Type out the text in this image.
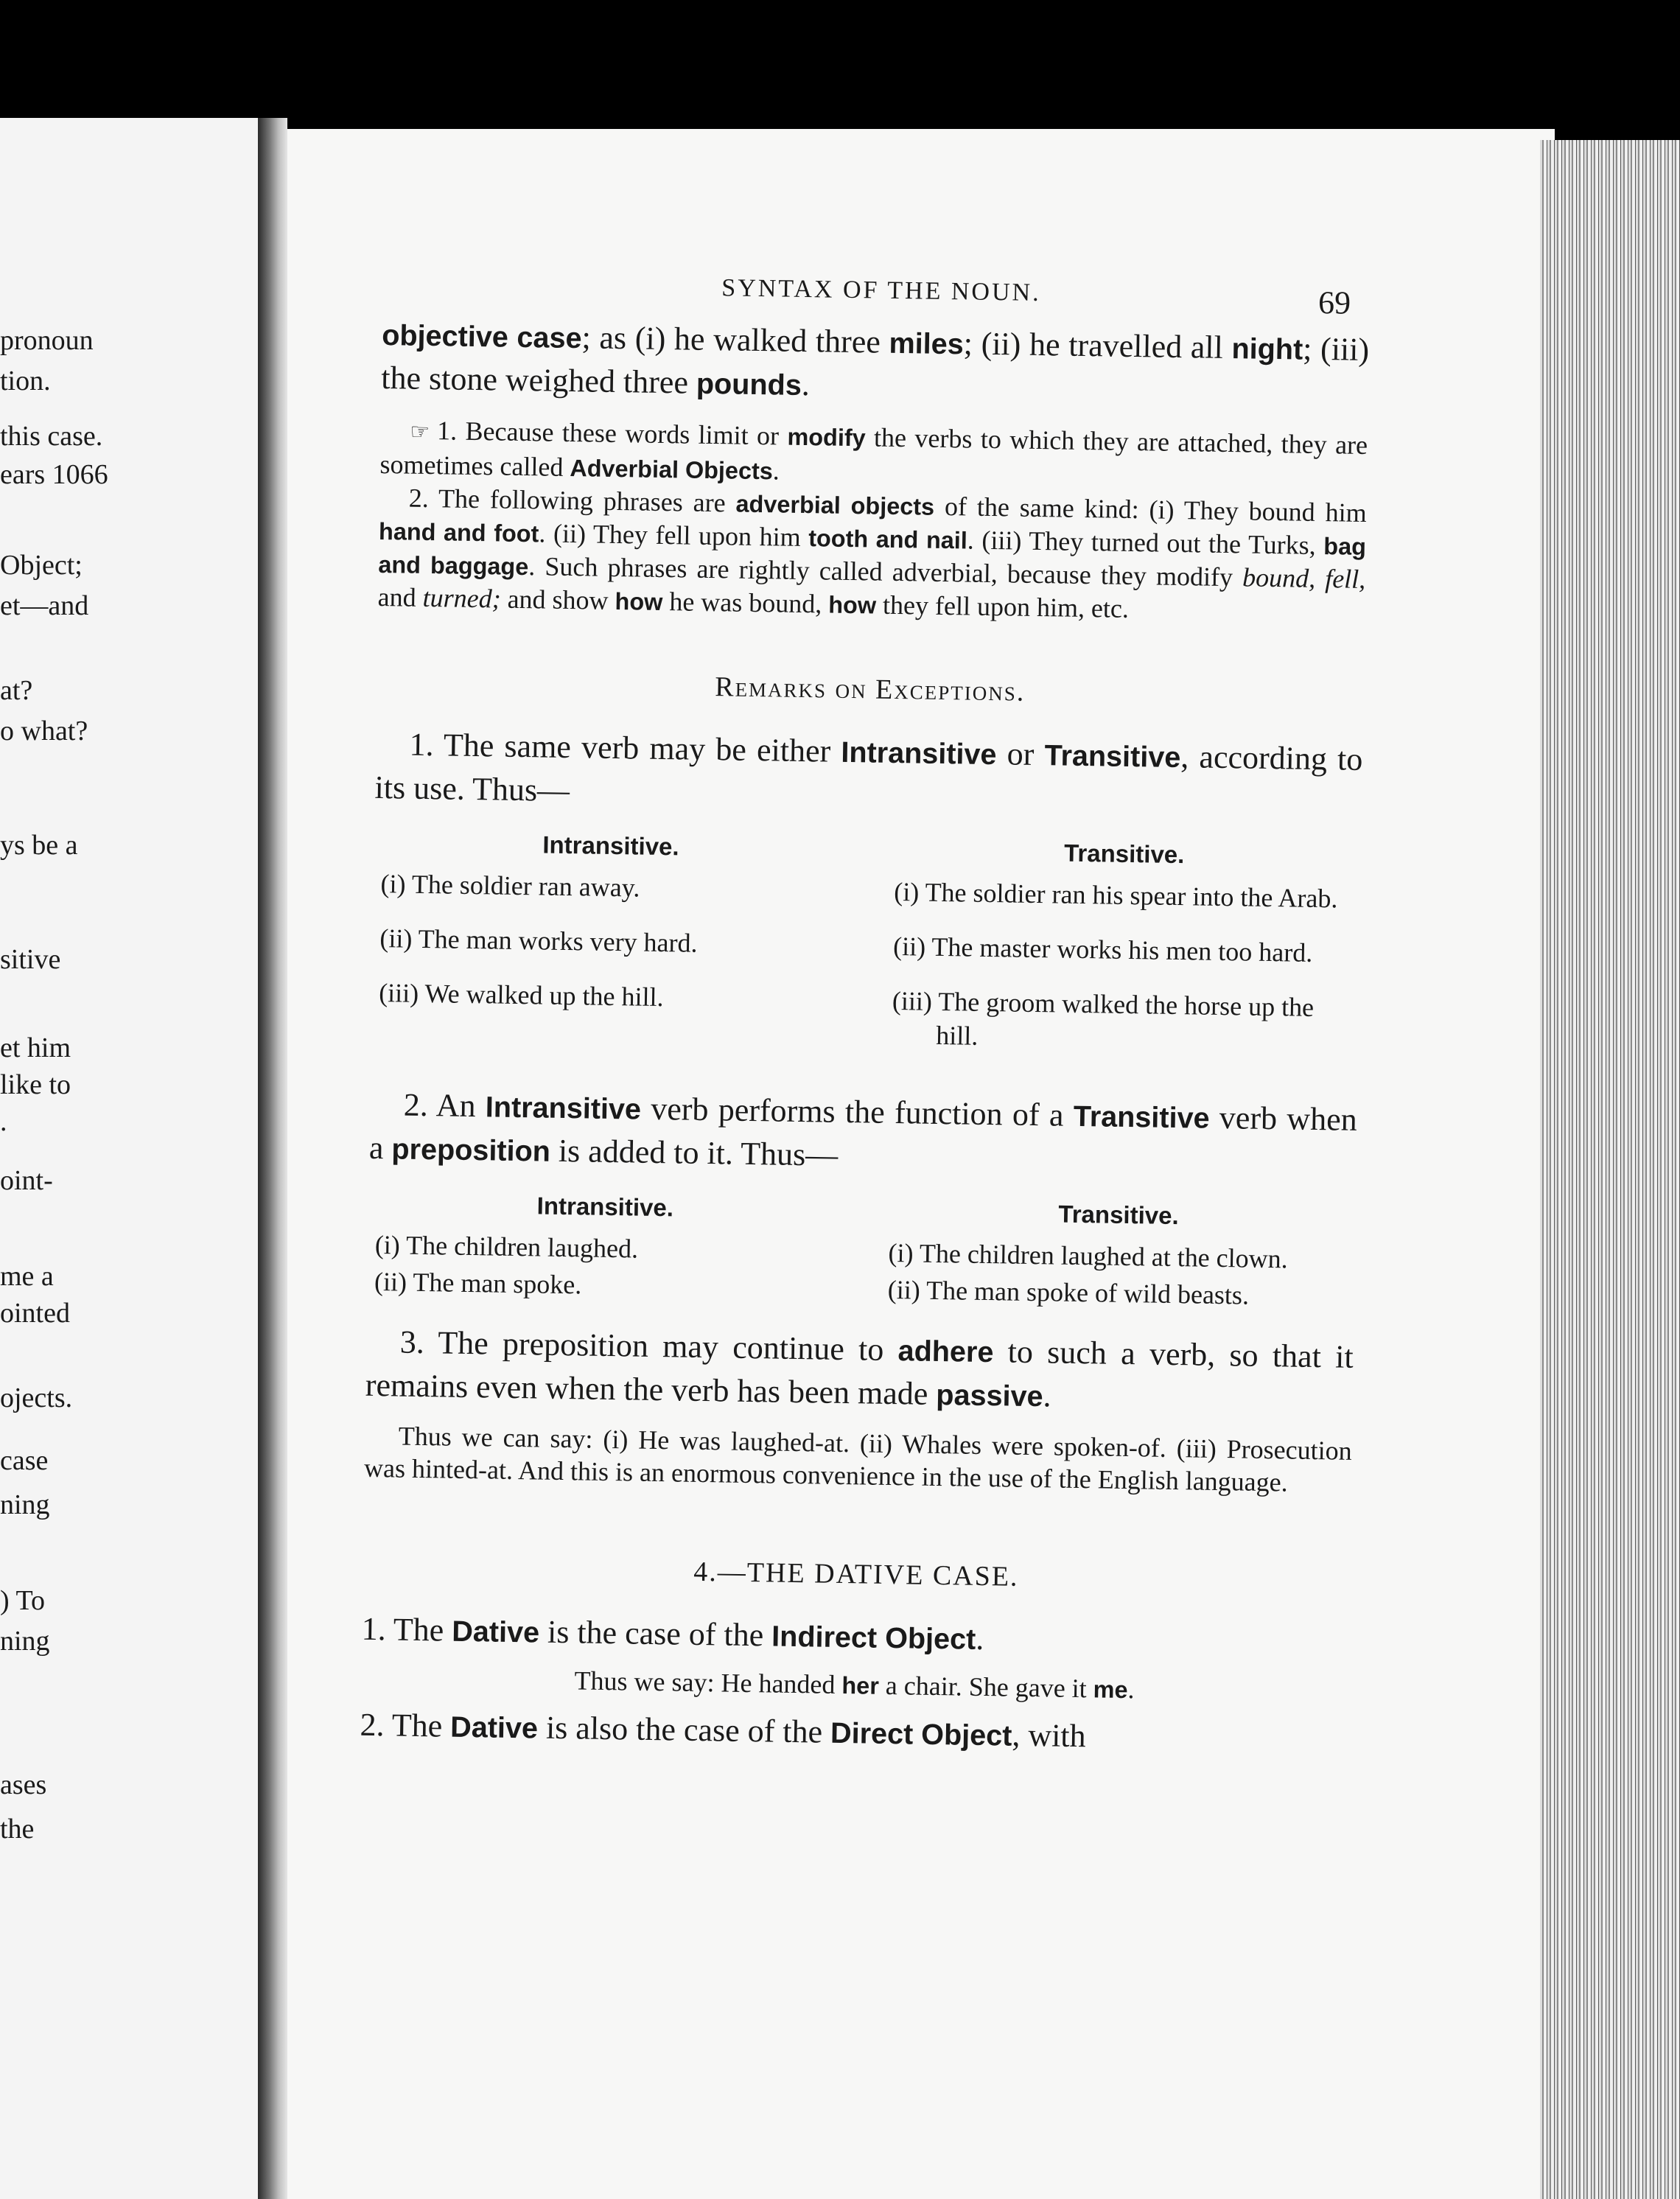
pronoun
tion.
this case.
ears 1066
Object;
et—and
at?
o what?
ys be a
sitive
et him
like to
.
oint-
me a
ointed
ojects.
case
ning
) To
ning
ases
the
SYNTAX OF THE NOUN.	69

objective case; as (i) he walked three miles; (ii) he travelled all night; (iii) the stone weighed three pounds.

☞ 1. Because these words limit or modify the verbs to which they are attached, they are sometimes called Adverbial Objects.

2. The following phrases are adverbial objects of the same kind: (i) They bound him hand and foot. (ii) They fell upon him tooth and nail. (iii) They turned out the Turks, bag and baggage. Such phrases are rightly called adverbial, because they modify bound, fell, and turned; and show how he was bound, how they fell upon him, etc.

Remarks on Exceptions.

1. The same verb may be either Intransitive or Transitive, according to its use. Thus—

Intransitive.
(i) The soldier ran away.
(ii) The man works very hard.
(iii) We walked up the hill.
Transitive.
(i) The soldier ran his spear into the Arab.
(ii) The master works his men too hard.
(iii) The groom walked the horse up the hill.

2. An Intransitive verb performs the function of a Transitive verb when a preposition is added to it. Thus—

Intransitive.
(i) The children laughed.
(ii) The man spoke.
Transitive.
(i) The children laughed at the clown.
(ii) The man spoke of wild beasts.

3. The preposition may continue to adhere to such a verb, so that it remains even when the verb has been made passive.

Thus we can say: (i) He was laughed-at. (ii) Whales were spoken-of. (iii) Prosecution was hinted-at. And this is an enormous convenience in the use of the English language.

4.—THE DATIVE CASE.

1. The Dative is the case of the Indirect Object.

Thus we say: He handed her a chair. She gave it me.

2. The Dative is also the case of the Direct Object, with
